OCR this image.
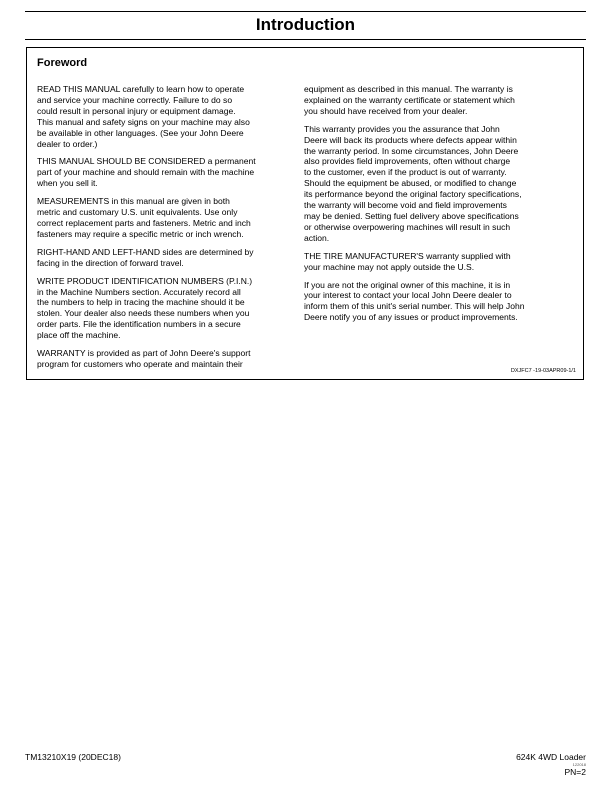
Introduction
Foreword

READ THIS MANUAL carefully to learn how to operate
and service your machine correctly. Failure to do so
could result in personal injury or equipment damage.
This manual and safety signs on your machine may also
be available in other languages. (See your John Deere
dealer to order.)

THIS MANUAL SHOULD BE CONSIDERED a permanent
part of your machine and should remain with the machine
when you sell it.

MEASUREMENTS in this manual are given in both
metric and customary U.S. unit equivalents. Use only
correct replacement parts and fasteners. Metric and inch
fasteners may require a specific metric or inch wrench.

RIGHT-HAND AND LEFT-HAND sides are determined by
facing in the direction of forward travel.

WRITE PRODUCT IDENTIFICATION NUMBERS (P.I.N.)
in the Machine Numbers section. Accurately record all
the numbers to help in tracing the machine should it be
stolen. Your dealer also needs these numbers when you
order parts. File the identification numbers in a secure
place off the machine.

WARRANTY is provided as part of John Deere's support
program for customers who operate and maintain their

equipment as described in this manual. The warranty is
explained on the warranty certificate or statement which
you should have received from your dealer.

This warranty provides you the assurance that John
Deere will back its products where defects appear within
the warranty period. In some circumstances, John Deere
also provides field improvements, often without charge
to the customer, even if the product is out of warranty.
Should the equipment be abused, or modified to change
its performance beyond the original factory specifications,
the warranty will become void and field improvements
may be denied. Setting fuel delivery above specifications
or otherwise overpowering machines will result in such
action.

THE TIRE MANUFACTURER'S warranty supplied with
your machine may not apply outside the U.S.

If you are not the original owner of this machine, it is in
your interest to contact your local John Deere dealer to
inform them of this unit's serial number. This will help John
Deere notify you of any issues or product improvements.

DXJFC7 -19-03APR09-1/1
TM13210X19 (20DEC18)	624K 4WD Loader
122018
PN=2
